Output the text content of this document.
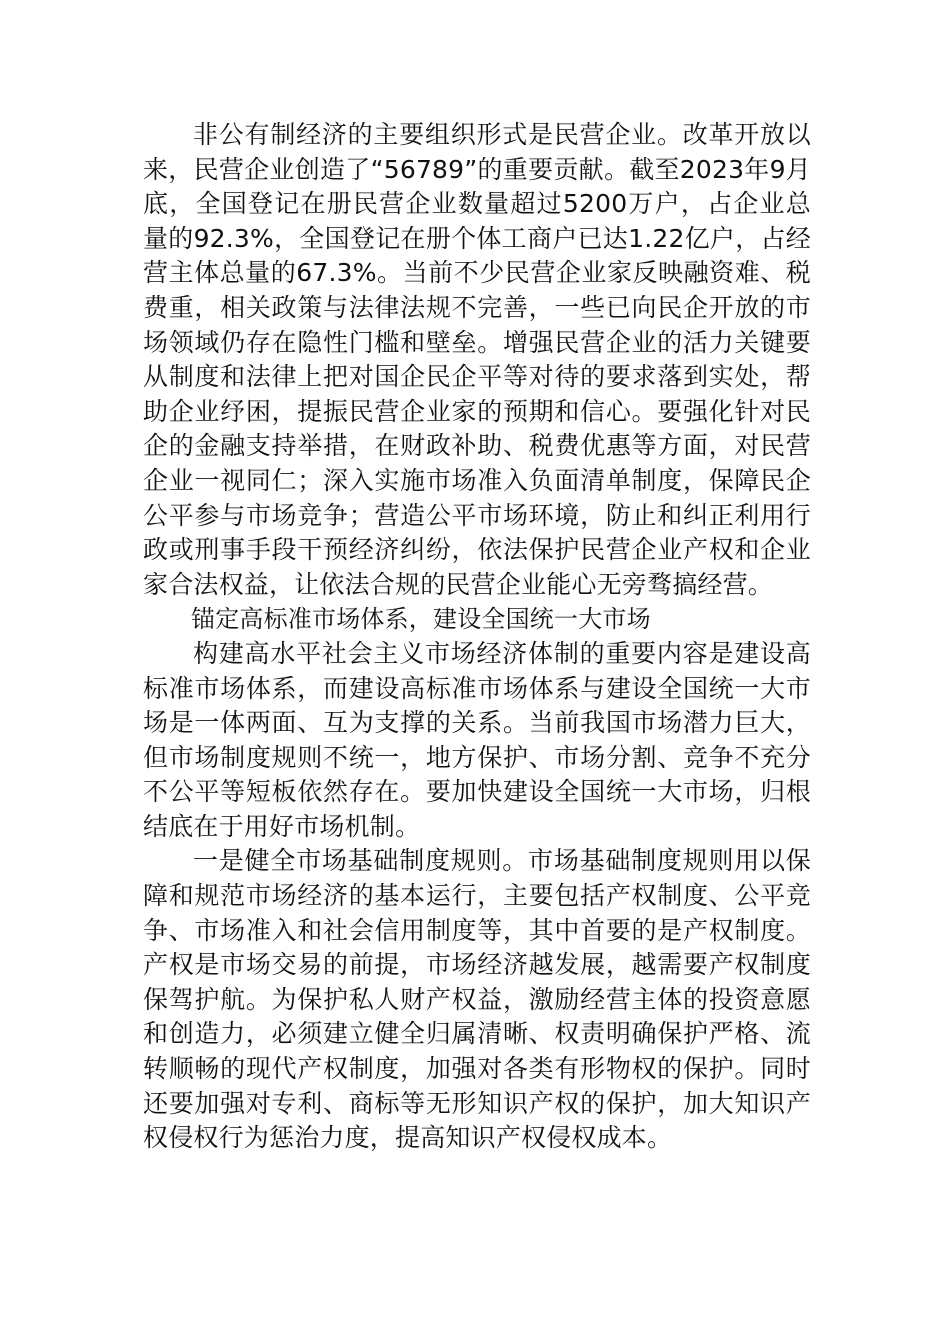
非公有制经济的主要组织形式是民营企业。改革开放以来，民营企业创造了“56789”的重要贡献。截至2023年9月底，全国登记在册民营企业数量超过5200万户，占企业总量的92.3%，全国登记在册个体工商户已达1.22亿户，占经营主体总量的67.3%。当前不少民营企业家反映融资难、税费重，相关政策与法律法规不完善，一些已向民企开放的市场领域仍存在隐性门槛和壁垒。增强民营企业的活力关键要从制度和法律上把对国企民企平等对待的要求落到实处，帮助企业纾困，提振民营企业家的预期和信心。要强化针对民企的金融支持举措，在财政补助、税费优惠等方面，对民营企业一视同仁；深入实施市场准入负面清单制度，保障民企公平参与市场竞争；营造公平市场环境，防止和纠正利用行政或刑事手段干预经济纠纷，依法保护民营企业产权和企业家合法权益，让依法合规的民营企业能心无旁骛搞经营。

锚定高标准市场体系，建设全国统一大市场

构建高水平社会主义市场经济体制的重要内容是建设高标准市场体系，而建设高标准市场体系与建设全国统一大市场是一体两面、互为支撑的关系。当前我国市场潜力巨大，但市场制度规则不统一，地方保护、市场分割、竞争不充分不公平等短板依然存在。要加快建设全国统一大市场，归根结底在于用好市场机制。

一是健全市场基础制度规则。市场基础制度规则用以保障和规范市场经济的基本运行，主要包括产权制度、公平竞争、市场准入和社会信用制度等，其中首要的是产权制度。产权是市场交易的前提，市场经济越发展，越需要产权制度保驾护航。为保护私人财产权益，激励经营主体的投资意愿和创造力，必须建立健全归属清晰、权责明确保护严格、流转顺畅的现代产权制度，加强对各类有形物权的保护。同时还要加强对专利、商标等无形知识产权的保护，加大知识产权侵权行为惩治力度，提高知识产权侵权成本。
